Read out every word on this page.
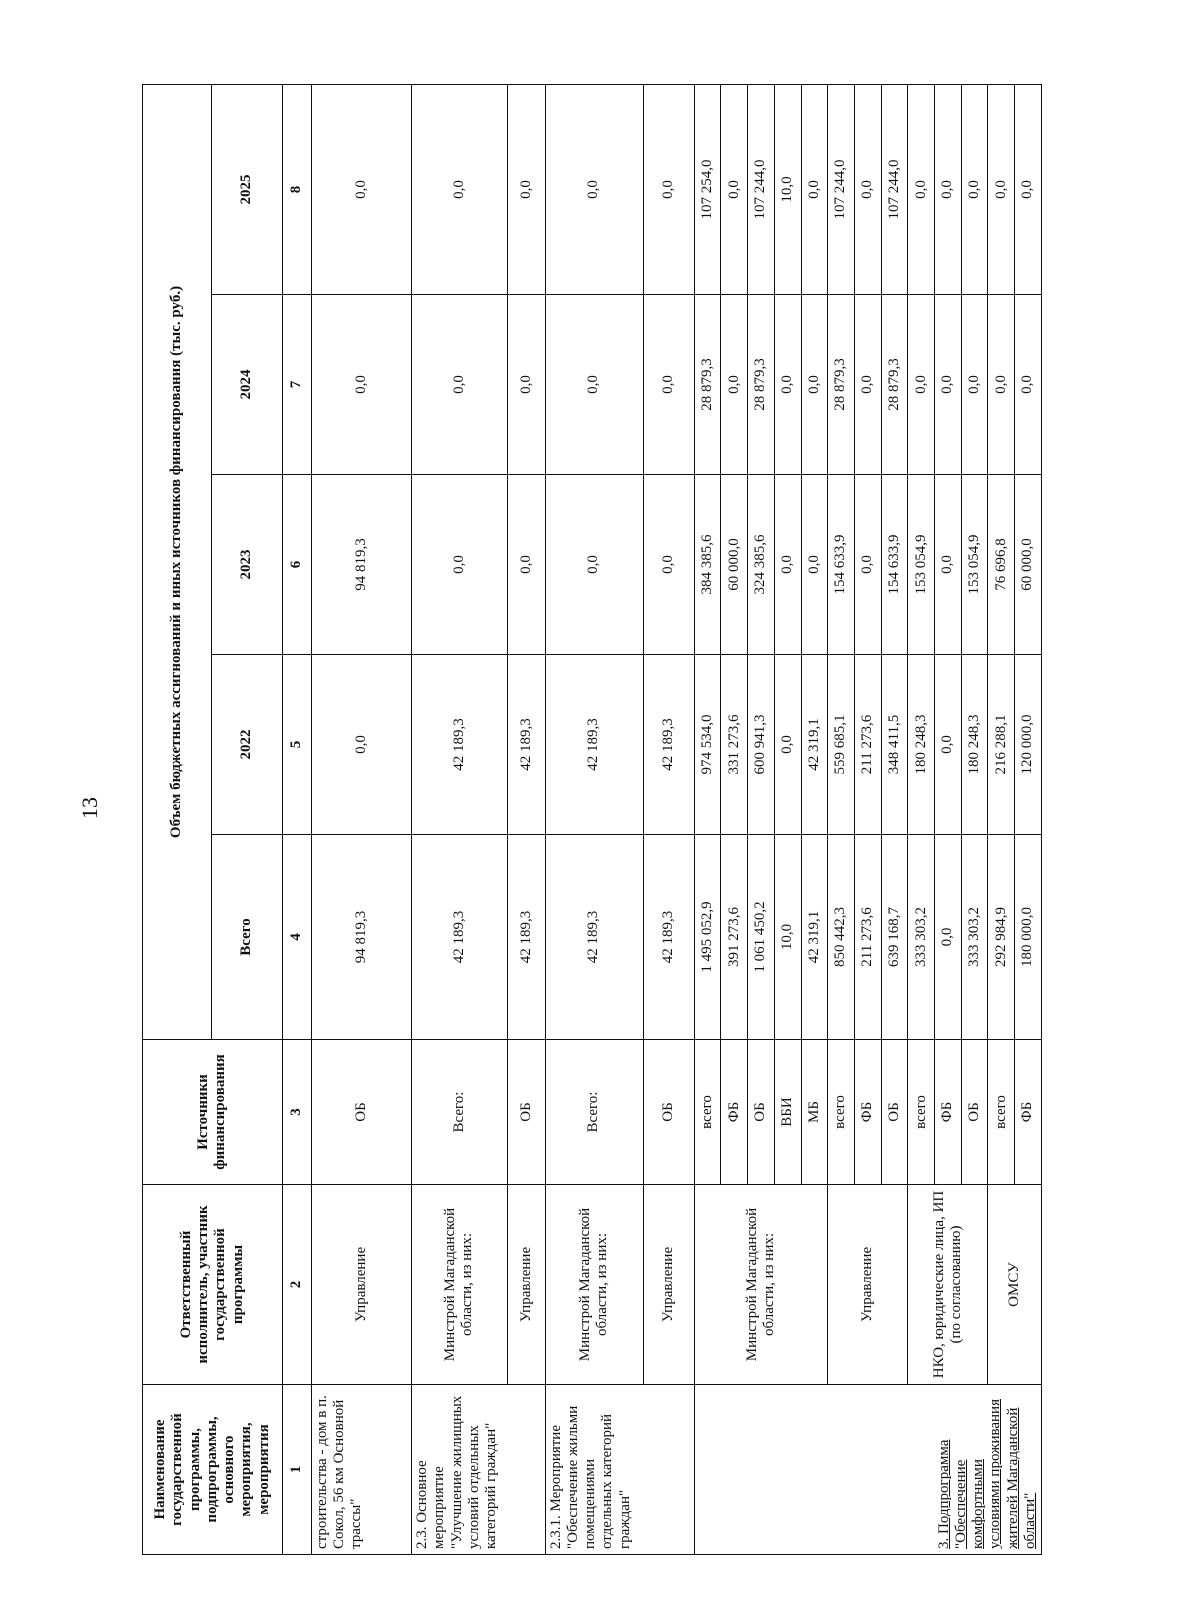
13
Наименование государственной программы, подпрограммы, основного мероприятия, мероприятия	Ответственный исполнитель, участник государственной программы	Источники финансирования	Объем бюджетных ассигнований и иных источников финансирования (тыс. руб.)				
			Всего	2022	2023	2024	2025
1	2	3	4	5	6	7	8
строительства - дом в п. Сокол, 56 км Основной трассы"	Управление	ОБ	94 819,3	0,0	94 819,3	0,0	0,0
2.3. Основное мероприятие "Улучшение жилищных условий отдельных категорий граждан"	Минстрой Магаданской области, из них:	Всего:	42 189,3	42 189,3	0,0	0,0	0,0
	Управление	ОБ	42 189,3	42 189,3	0,0	0,0	0,0
2.3.1. Мероприятие "Обеспечение жильми помещениями отдельных категорий граждан"	Минстрой Магаданской области, из них:	Всего:	42 189,3	42 189,3	0,0	0,0	0,0
	Управление	ОБ	42 189,3	42 189,3	0,0	0,0	0,0
3. Подпрограмма
"Обеспечение комфортными условиями проживания жителей Магаданской области"	Минстрой Магаданской области, из них:	всего	1 495 052,9	974 534,0	384 385,6	28 879,3	107 254,0
		ФБ	391 273,6	331 273,6	60 000,0	0,0	0,0
		ОБ	1 061 450,2	600 941,3	324 385,6	28 879,3	107 244,0
		ВБИ	10,0	0,0	0,0	0,0	10,0
		МБ	42 319,1	42 319,1	0,0	0,0	0,0
	Управление	всего	850 442,3	559 685,1	154 633,9	28 879,3	107 244,0
		ФБ	211 273,6	211 273,6	0,0	0,0	0,0
		ОБ	639 168,7	348 411,5	154 633,9	28 879,3	107 244,0
	НКО, юридические лица, ИП (по согласованию)	всего	333 303,2	180 248,3	153 054,9	0,0	0,0
		ФБ	0,0	0,0	0,0	0,0	0,0
		ОБ	333 303,2	180 248,3	153 054,9	0,0	0,0
	ОМСУ	всего	292 984,9	216 288,1	76 696,8	0,0	0,0
		ФБ	180 000,0	120 000,0	60 000,0	0,0	0,0
